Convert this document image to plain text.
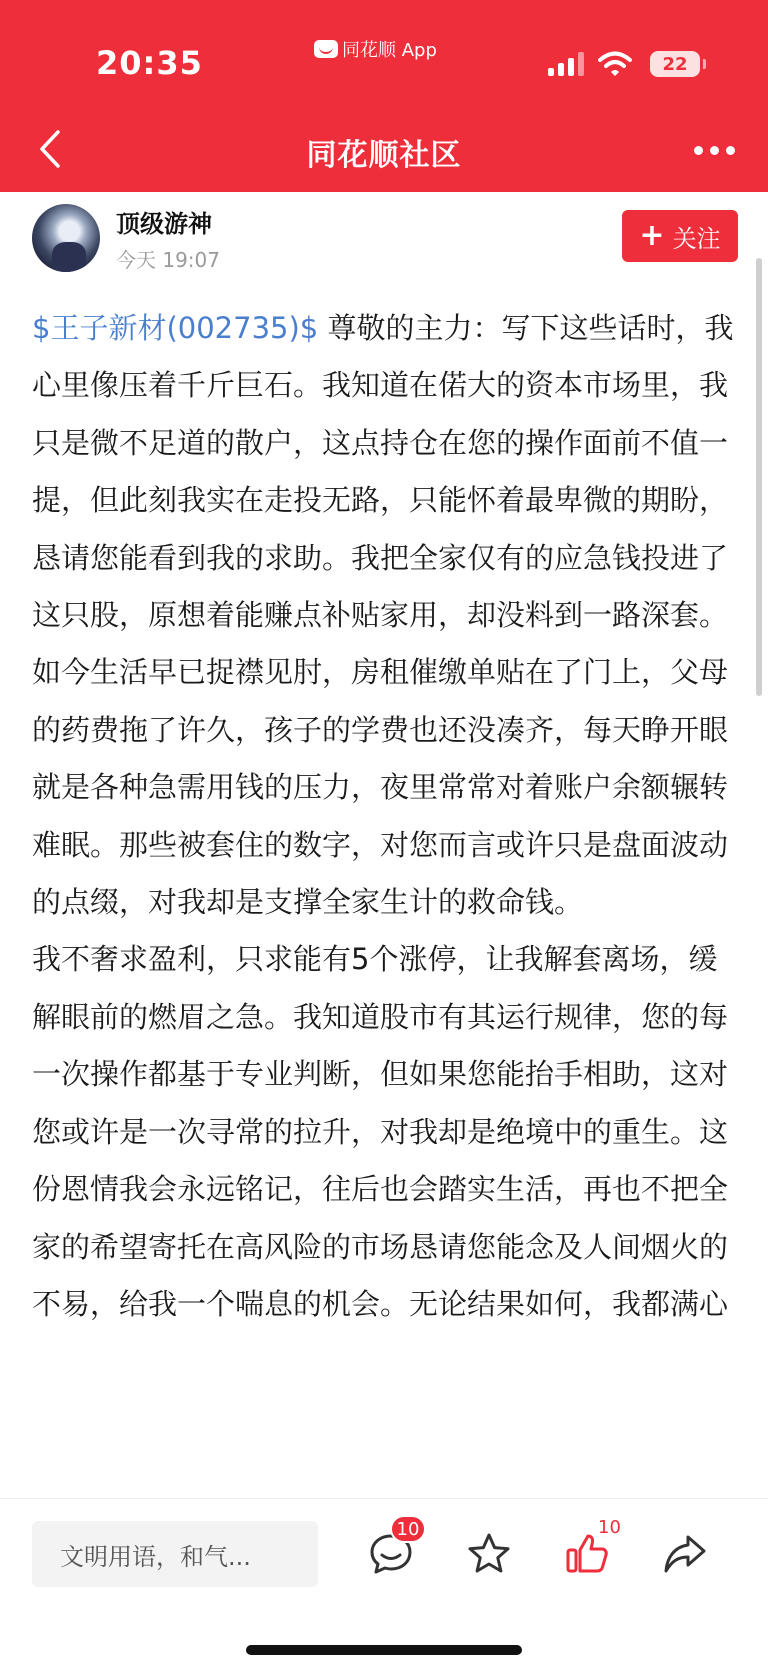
20:35	同花顺 App
22
同花顺社区
顶级游神
今天 19:07
+ 关注

$王子新材(002735)$ 尊敬的主力：写下这些话时，我心里像压着千斤巨石。我知道在偌大的资本市场里，我只是微不足道的散户，这点持仓在您的操作面前不值一提，但此刻我实在走投无路，只能怀着最卑微的期盼，恳请您能看到我的求助。我把全家仅有的应急钱投进了这只股，原想着能赚点补贴家用，却没料到一路深套。如今生活早已捉襟见肘，房租催缴单贴在了门上，父母的药费拖了许久，孩子的学费也还没凑齐，每天睁开眼就是各种急需用钱的压力，夜里常常对着账户余额辗转难眠。那些被套住的数字，对您而言或许只是盘面波动的点缀，对我却是支撑全家生计的救命钱。

我不奢求盈利，只求能有5个涨停，让我解套离场，缓解眼前的燃眉之急。我知道股市有其运行规律，您的每一次操作都基于专业判断，但如果您能抬手相助，这对您或许是一次寻常的拉升，对我却是绝境中的重生。这份恩情我会永远铭记，往后也会踏实生活，再也不把全家的希望寄托在高风险的市场恳请您能念及人间烟火的不易，给我一个喘息的机会。无论结果如何，我都满心

文明用语，和气...
10	10
